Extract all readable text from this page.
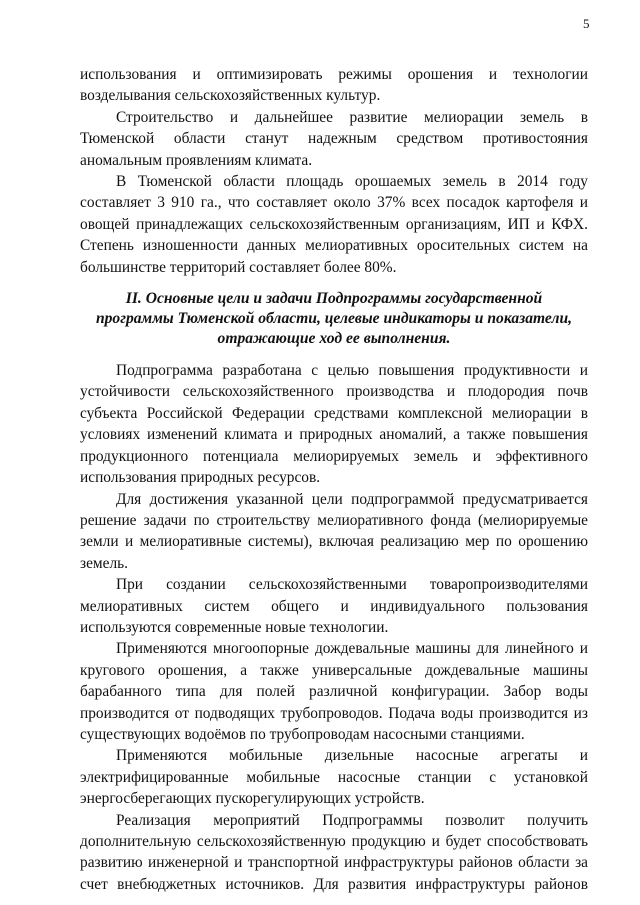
5

использования и оптимизировать режимы орошения и технологии возделывания сельскохозяйственных культур.

Строительство и дальнейшее развитие мелиорации земель в Тюменской области станут надежным средством противостояния аномальным проявлениям климата.

В Тюменской области площадь орошаемых земель в 2014 году составляет 3 910 га., что составляет около 37% всех посадок картофеля и овощей принадлежащих сельскохозяйственным организациям, ИП и КФХ. Степень изношенности данных мелиоративных оросительных систем на большинстве территорий составляет более 80%.

II. Основные цели и задачи Подпрограммы государственной
программы Тюменской области, целевые индикаторы и показатели,
отражающие ход ее выполнения.

Подпрограмма разработана с целью повышения продуктивности и устойчивости сельскохозяйственного производства и плодородия почв субъекта Российской Федерации средствами комплексной мелиорации в условиях изменений климата и природных аномалий, а также повышения продукционного потенциала мелиорируемых земель и эффективного использования природных ресурсов.

Для достижения указанной цели подпрограммой предусматривается решение задачи по строительству мелиоративного фонда (мелиорируемые земли и мелиоративные системы), включая реализацию мер по орошению земель.

При создании сельскохозяйственными товаропроизводителями мелиоративных систем общего и индивидуального пользования используются современные новые технологии.

Применяются многоопорные дождевальные машины для линейного и кругового орошения, а также универсальные дождевальные машины барабанного типа для полей различной конфигурации. Забор воды производится от подводящих трубопроводов. Подача воды производится из существующих водоёмов по трубопроводам насосными станциями.

Применяются мобильные дизельные насосные агрегаты и электрифицированные мобильные насосные станции с установкой энергосберегающих пускорегулирующих устройств.

Реализация мероприятий Подпрограммы позволит получить дополнительную сельскохозяйственную продукцию и будет способствовать развитию инженерной и транспортной инфраструктуры районов области за счет внебюджетных источников. Для развития инфраструктуры районов
